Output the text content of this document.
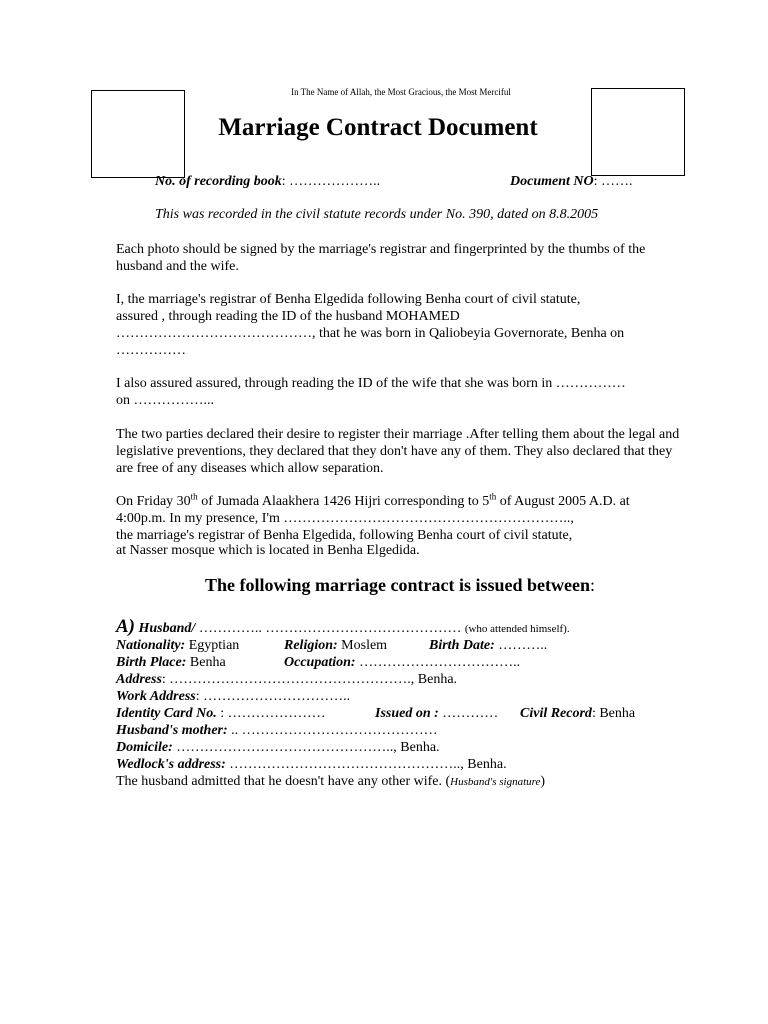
In The Name of Allah, the Most Gracious, the Most Merciful
Marriage Contract Document
No. of recording book: ………………..	Document NO: …….
This was recorded in the civil statute records under No. 390, dated on 8.8.2005
Each photo should be signed by the marriage's registrar and fingerprinted by the thumbs of the husband and the wife.
I, the marriage's registrar of Benha Elgedida following Benha court of civil statute,
assured , through reading the ID of the husband MOHAMED
……………………………………, that he was born in Qaliobeyia Governorate, Benha on
……………
I also assured assured, through reading the ID of the wife that she was born in ……………
on ……………...
The two parties declared their desire to register their marriage .After telling them about the legal and legislative preventions, they declared that they don't have any of them. They also declared that they are free of any diseases which allow separation.
On Friday 30th of Jumada Alaakhera 1426 Hijri corresponding to 5th of August 2005 A.D. at
4:00p.m. In my presence, I'm ……………………………………………………..,
the marriage's registrar of Benha Elgedida, following Benha court of civil statute,
at Nasser mosque which is located in Benha Elgedida.
The following marriage contract is issued between:
A) Husband/ ………….. …………………………………… (who attended himself).
Nationality: Egyptian	Religion: Moslem	Birth Date: ………..
Birth Place: Benha	Occupation: ……………………………..
Address: ……………………………………………., Benha.
Work Address: …………………………..
Identity Card No. : …………………	Issued on : ………… Civil Record: Benha
Husband's mother: .. ……………………………………
Domicile: ……………………………………….., Benha.
Wedlock's address: ………………………………………….., Benha.
The husband admitted that he doesn't have any other wife. (Husband's signature)
